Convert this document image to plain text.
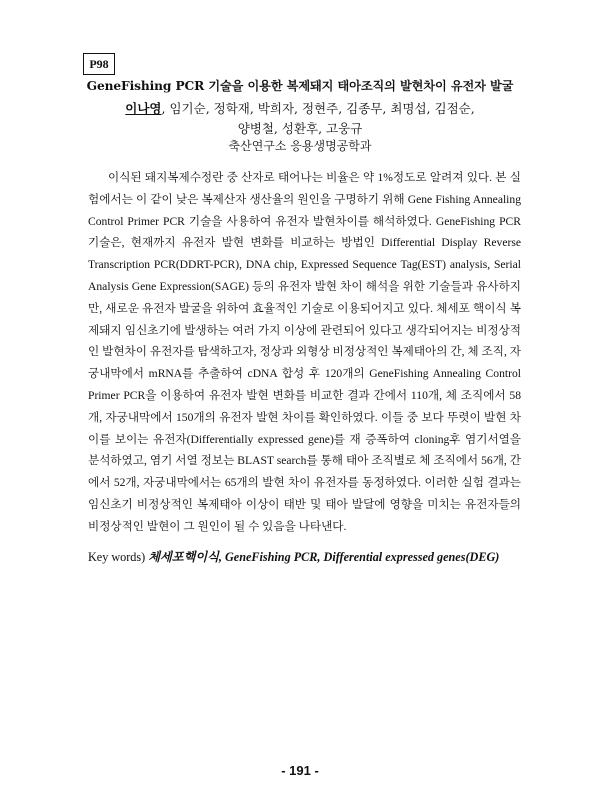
P98
GeneFishing PCR 기술을 이용한 복제돼지 태아조직의 발현차이 유전자 발굴
이나영, 임기순, 정학재, 박희자, 정현주, 김종무, 최명섭, 김점순,
양병철, 성환후, 고웅규
축산연구소 응용생명공학과

이식된 돼지복제수정란 중 산자로 태어나는 비율은 약 1%정도로 알려져 있다. 본 실험에서는 이 같이 낮은 복제산자 생산율의 원인을 구명하기 위해 Gene Fishing Annealing Control Primer PCR 기술을 사용하여 유전자 발현차이를 해석하였다. GeneFishing PCR기술은, 현재까지 유전자 발현 변화를 비교하는 방법인 Differential Display Reverse Transcription PCR(DDRT-PCR), DNA chip, Expressed Sequence Tag(EST) analysis, Serial Analysis Gene Expression(SAGE) 등의 유전자 발현 차이 해석을 위한 기술들과 유사하지만, 새로운 유전자 발굴을 위하여 효율적인 기술로 이용되어지고 있다. 체세포 핵이식 복제돼지 임신초기에 발생하는 여러 가지 이상에 관련되어 있다고 생각되어지는 비정상적인 발현차이 유전자를 탐색하고자, 정상과 외형상 비정상적인 복제태아의 간, 체 조직, 자궁내막에서 mRNA를 추출하여 cDNA 합성 후 120개의 GeneFishing Annealing Control Primer PCR을 이용하여 유전자 발현 변화를 비교한 결과 간에서 110개, 체 조직에서 58개, 자궁내막에서 150개의 유전자 발현 차이를 확인하였다. 이들 중 보다 뚜렷이 발현 차이를 보이는 유전자(Differentially expressed gene)를 재 증폭하여 cloning후 염기서열을 분석하였고, 염기 서열 정보는 BLAST search를 통해 태아 조직별로 체 조직에서 56개, 간에서 52개, 자궁내막에서는 65개의 발현 차이 유전자를 동정하였다. 이러한 실험 결과는 임신초기 비정상적인 복제태아 이상이 태반 및 태아 발달에 영향을 미치는 유전자들의 비정상적인 발현이 그 원인이 될 수 있음을 나타낸다.

Key words) 체세포핵이식, GeneFishing PCR, Differential expressed genes(DEG)
- 191 -
